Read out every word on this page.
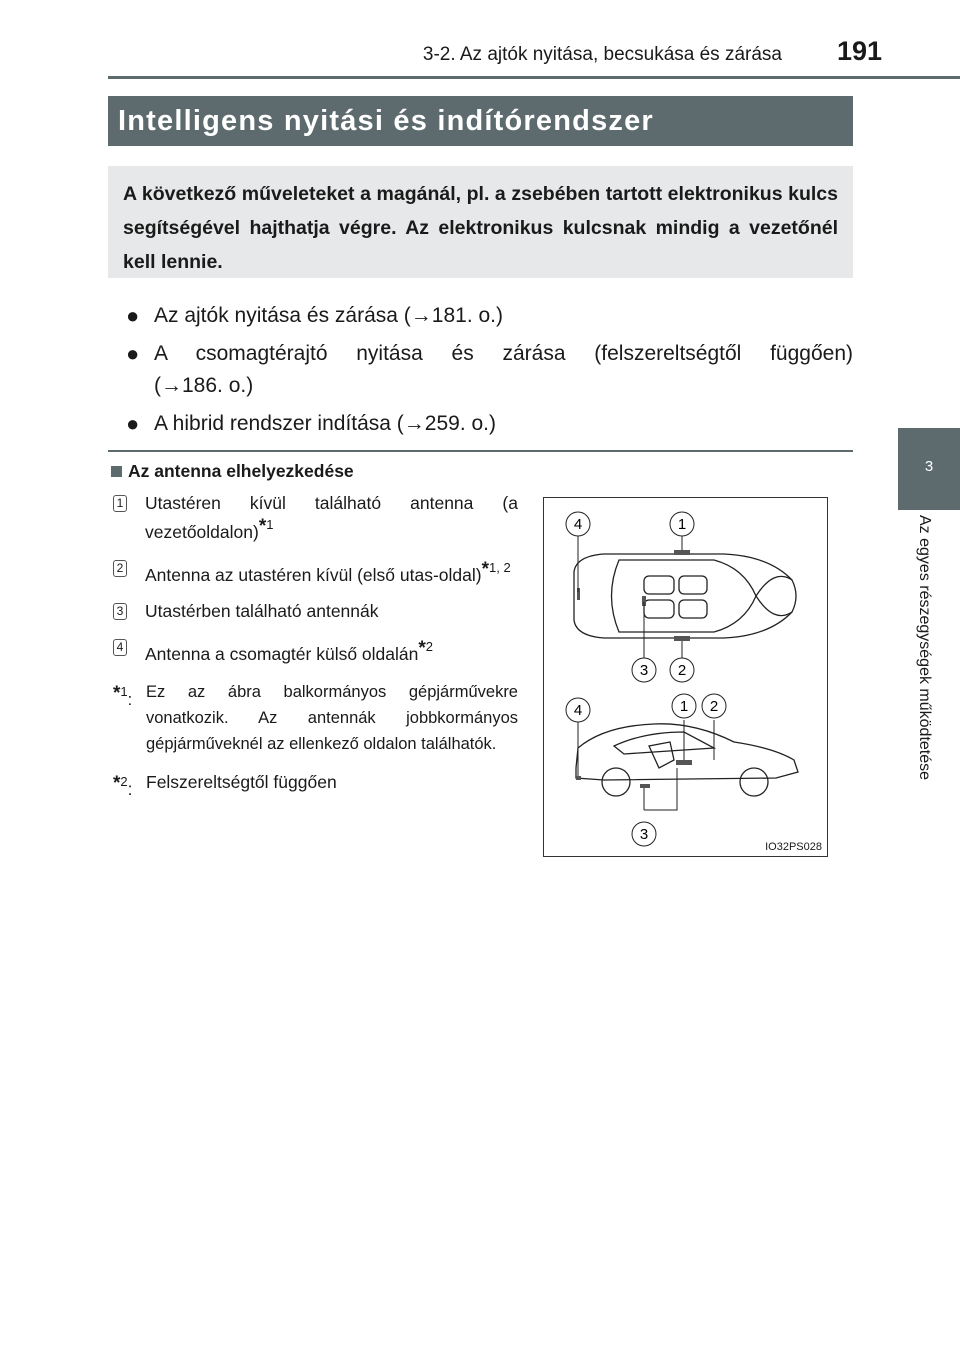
3-2. Az ajtók nyitása, becsukása és zárása 191
3
Az egyes részegységek működtetése
Intelligens nyitási és indítórendszer
A következő műveleteket a magánál, pl. a zsebében tartott elektronikus kulcs segítségével hajthatja végre. Az elektronikus kulcsnak mindig a vezetőnél kell lennie.
● Az ajtók nyitása és zárása (→181. o.)
● A csomagtérajtó nyitása és zárása (felszereltségtől függően)
(→186. o.)
● A hibrid rendszer indítása (→259. o.)
Az antenna elhelyezkedése
1 Utastéren kívül található antenna (a vezetőoldalon)*$^1$
2 Antenna az utastéren kívül (első utas-oldal)*$^{1, 2}$
3 Utastérben található antennák
4 Antenna a csomagtér külső oldalán*$^2$
*$^1$: Ez az ábra balkormányos gépjárművekre vonatkozik. Az antennák jobbkormányos gépjárműveknél az ellenkező oldalon találhatók.
*$^2$: Felszereltségtől függően
4	1
3 2
4	1 2
3
IO32PS028
